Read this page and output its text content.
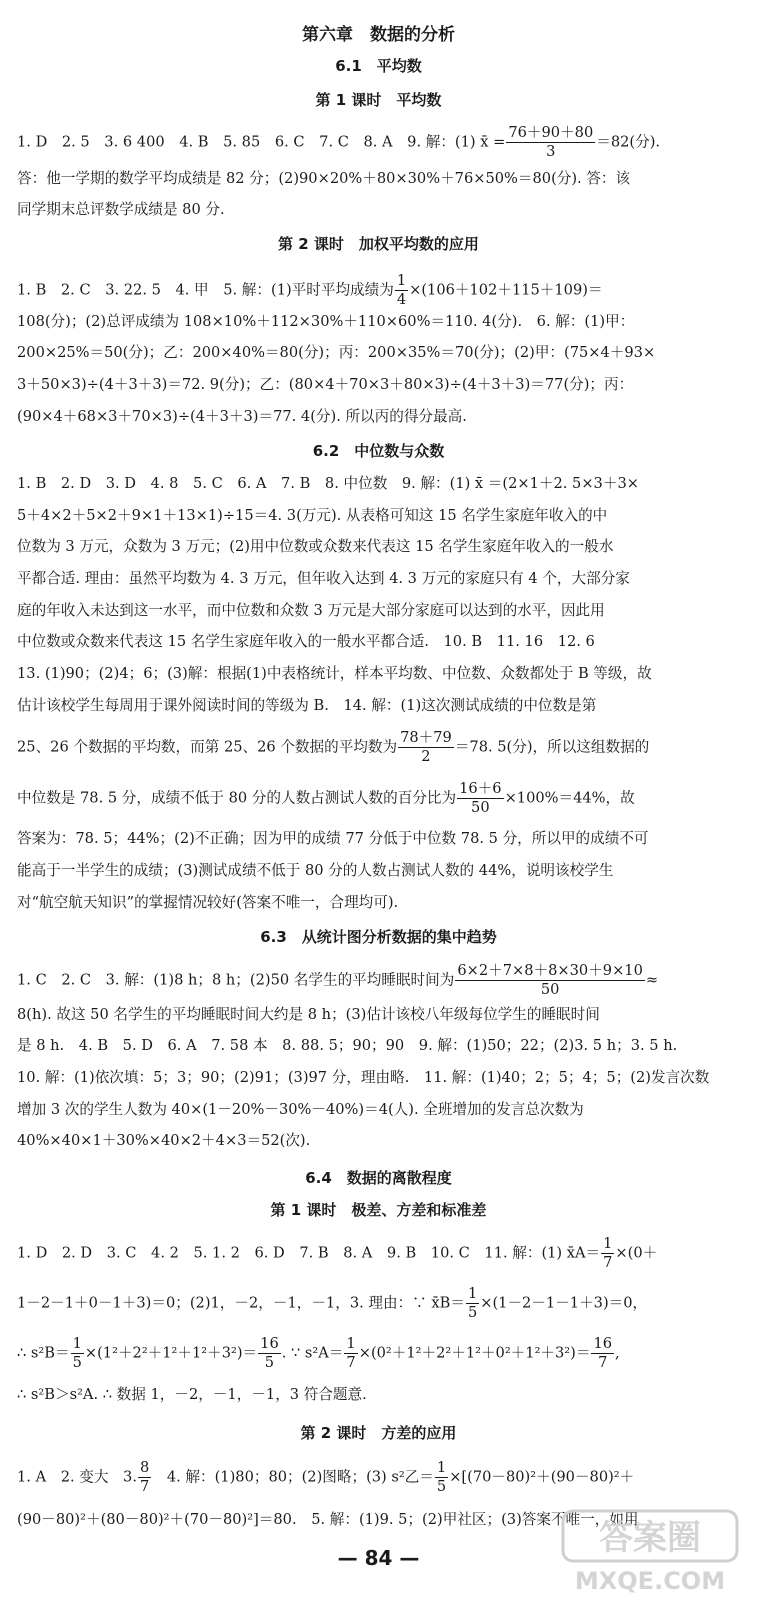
第六章　数据的分析
6.1　平均数
第 1 课时　平均数
1. D　2. 5　3. 6 400　4. B　5. 85　6. C　7. C　8. A　9. 解：(1) x̄ = $\frac{76+90+80}{3} =82$(分).
答：他一学期的数学平均成绩是 82 分；(2)90×20%＋80×30%＋76×50%＝80(分). 答：该
同学期末总评数学成绩是 80 分.
第 2 课时　加权平均数的应用
1. B　2. C　3. 22. 5　4. 甲　5. 解：(1)平时平均成绩为 $\frac{1}{4} \times(106+102+115+109)=$
108(分)；(2)总评成绩为 108×10%＋112×30%＋110×60%＝110. 4(分).　6. 解：(1)甲：
200×25%＝50(分)；乙：200×40%＝80(分)；丙：200×35%＝70(分)；(2)甲：(75×4＋93×
3＋50×3)÷(4＋3＋3)＝72. 9(分)；乙：(80×4＋70×3＋80×3)÷(4＋3＋3)＝77(分)；丙：
(90×4＋68×3＋70×3)÷(4＋3＋3)＝77. 4(分). 所以丙的得分最高.
6.2　中位数与众数
1. B　2. D　3. D　4. 8　5. C　6. A　7. B　8. 中位数　9. 解：(1) x̄ ＝(2×1＋2. 5×3＋3×
5＋4×2＋5×2＋9×1＋13×1)÷15＝4. 3(万元). 从表格可知这 15 名学生家庭年收入的中
位数为 3 万元，众数为 3 万元；(2)用中位数或众数来代表这 15 名学生家庭年收入的一般水
平都合适. 理由：虽然平均数为 4. 3 万元，但年收入达到 4. 3 万元的家庭只有 4 个，大部分家
庭的年收入未达到这一水平，而中位数和众数 3 万元是大部分家庭可以达到的水平，因此用
中位数或众数来代表这 15 名学生家庭年收入的一般水平都合适.　10. B　11. 16　12. 6
13. (1)90；(2)4；6；(3)解：根据(1)中表格统计，样本平均数、中位数、众数都处于 B 等级，故
估计该校学生每周用于课外阅读时间的等级为 B.　14. 解：(1)这次测试成绩的中位数是第
25、26 个数据的平均数，而第 25、26 个数据的平均数为 $\frac{78+79}{2} =78$. 5(分)，所以这组数据的
中位数是 78. 5 分，成绩不低于 80 分的人数占测试人数的百分比为 $\frac{16+6}{50} \times 100\%=44\%$，故
答案为：78. 5；44%；(2)不正确；因为甲的成绩 77 分低于中位数 78. 5 分，所以甲的成绩不可
能高于一半学生的成绩；(3)测试成绩不低于 80 分的人数占测试人数的 44%，说明该校学生
对“航空航天知识”的掌握情况较好(答案不唯一，合理均可).
6.3　从统计图分析数据的集中趋势
1. C　2. C　3. 解：(1)8 h；8 h；(2)50 名学生的平均睡眠时间为 $\frac{6\times 2+7\times 8+8\times 30+9\times 10}{50}$ ≈
8(h). 故这 50 名学生的平均睡眠时间大约是 8 h；(3)估计该校八年级每位学生的睡眠时间
是 8 h.　4. B　5. D　6. A　7. 58 本　8. 88. 5；90；90　9. 解：(1)50；22；(2)3. 5 h；3. 5 h.
10. 解：(1)依次填：5；3；90；(2)91；(3)97 分，理由略.　11. 解：(1)40；2；5；4；5；(2)发言次数
增加 3 次的学生人数为 40×(1－20%－30%－40%)＝4(人). 全班增加的发言总次数为
40%×40×1＋30%×40×2＋4×3＝52(次).
6.4　数据的离散程度
第 1 课时　极差、方差和标准差
1. D　2. D　3. C　4. 2　5. 1. 2　6. D　7. B　8. A　9. B　10. C　11. 解：(1) x̄A＝ $\frac{1}{7} \times(0+$
1－2－1＋0－1＋3)＝0；(2)1，－2，－1，－1，3. 理由：∵ x̄B＝ $\frac{1}{5} \times(1-2-1-1+3)=0$，
∴ $s^2B= \frac{1}{5} \times(1^2+2^2+1^2+1^2+3^2)= \frac{16}{5}$ . ∵ $s^2A= \frac{1}{7} \times(0^2+1^2+2^2+1^2+0^2+1^2+3^2)= \frac{16}{7}$ ,
∴ s²B＞s²A. ∴ 数据 1，－2，－1，－1，3 符合题意.
第 2 课时　方差的应用
1. A　2. 变大　3. $\frac{8}{7}$ 　4. 解：(1)80；80；(2)图略；(3) s²乙＝ $\frac{1}{5} \times[(70-80)^2+(90-80)^2+$
(90－80)²＋(80－80)²＋(70－80)²]＝80.　5. 解：(1)9. 5；(2)甲社区；(3)答案不唯一，如用
— 84 —	答案圈
MXQE.COM
